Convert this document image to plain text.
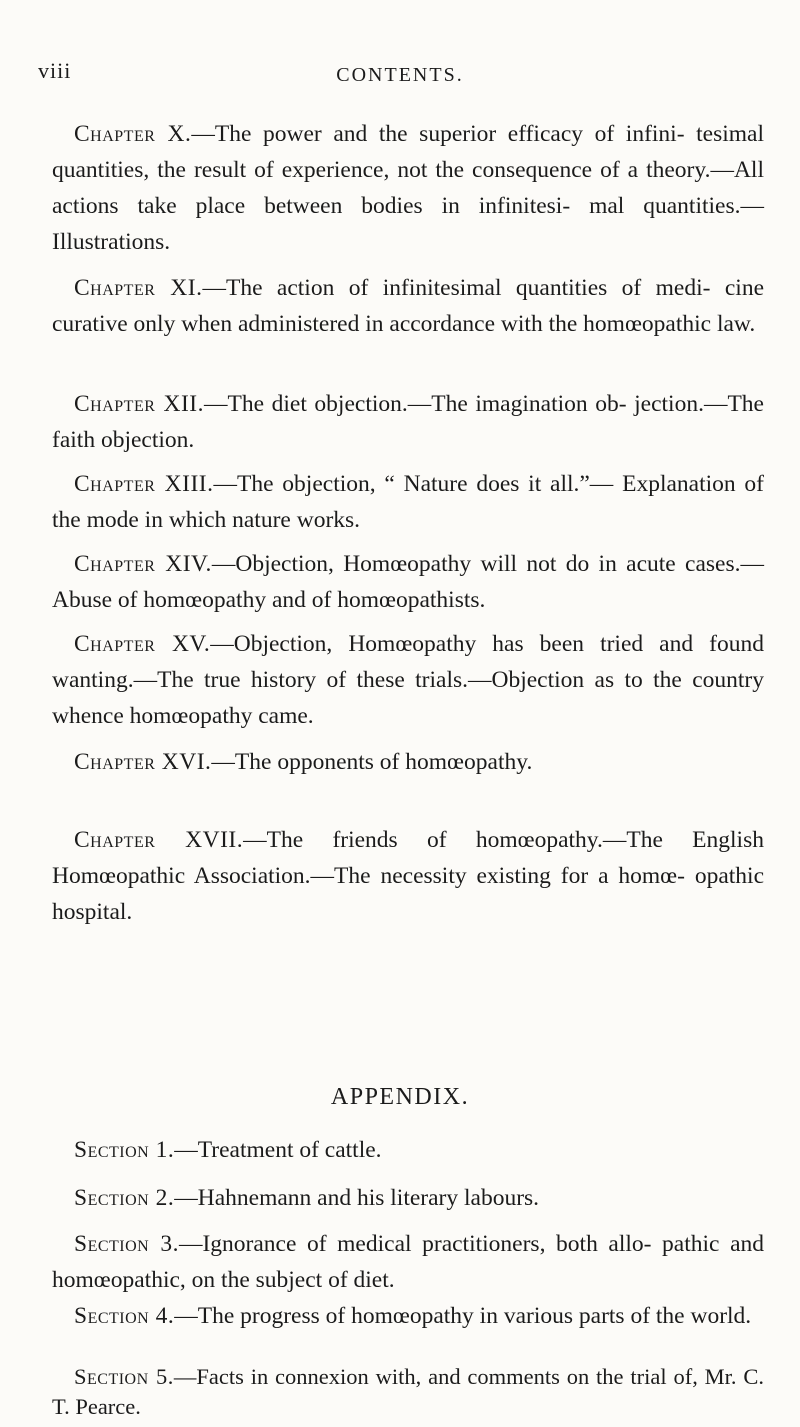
viii	CONTENTS.

Chapter X.—The power and the superior efficacy of infini- tesimal quantities, the result of experience, not the consequence of a theory.—All actions take place between bodies in infinitesi- mal quantities.—Illustrations.

Chapter XI.—The action of infinitesimal quantities of medi- cine curative only when administered in accordance with the homœopathic law.

Chapter XII.—The diet objection.—The imagination ob- jection.—The faith objection.

Chapter XIII.—The objection, “ Nature does it all.”— Explanation of the mode in which nature works.

Chapter XIV.—Objection, Homœopathy will not do in acute cases.—Abuse of homœopathy and of homœopathists.

Chapter XV.—Objection, Homœopathy has been tried and found wanting.—The true history of these trials.—Objection as to the country whence homœopathy came.

Chapter XVI.—The opponents of homœopathy.

Chapter XVII.—The friends of homœopathy.—The English Homœopathic Association.—The necessity existing for a homœ- opathic hospital.

APPENDIX.

Section 1.—Treatment of cattle.

Section 2.—Hahnemann and his literary labours.

Section 3.—Ignorance of medical practitioners, both allo- pathic and homœopathic, on the subject of diet.

Section 4.—The progress of homœopathy in various parts of the world.

Section 5.—Facts in connexion with, and comments on the trial of, Mr. C. T. Pearce.
